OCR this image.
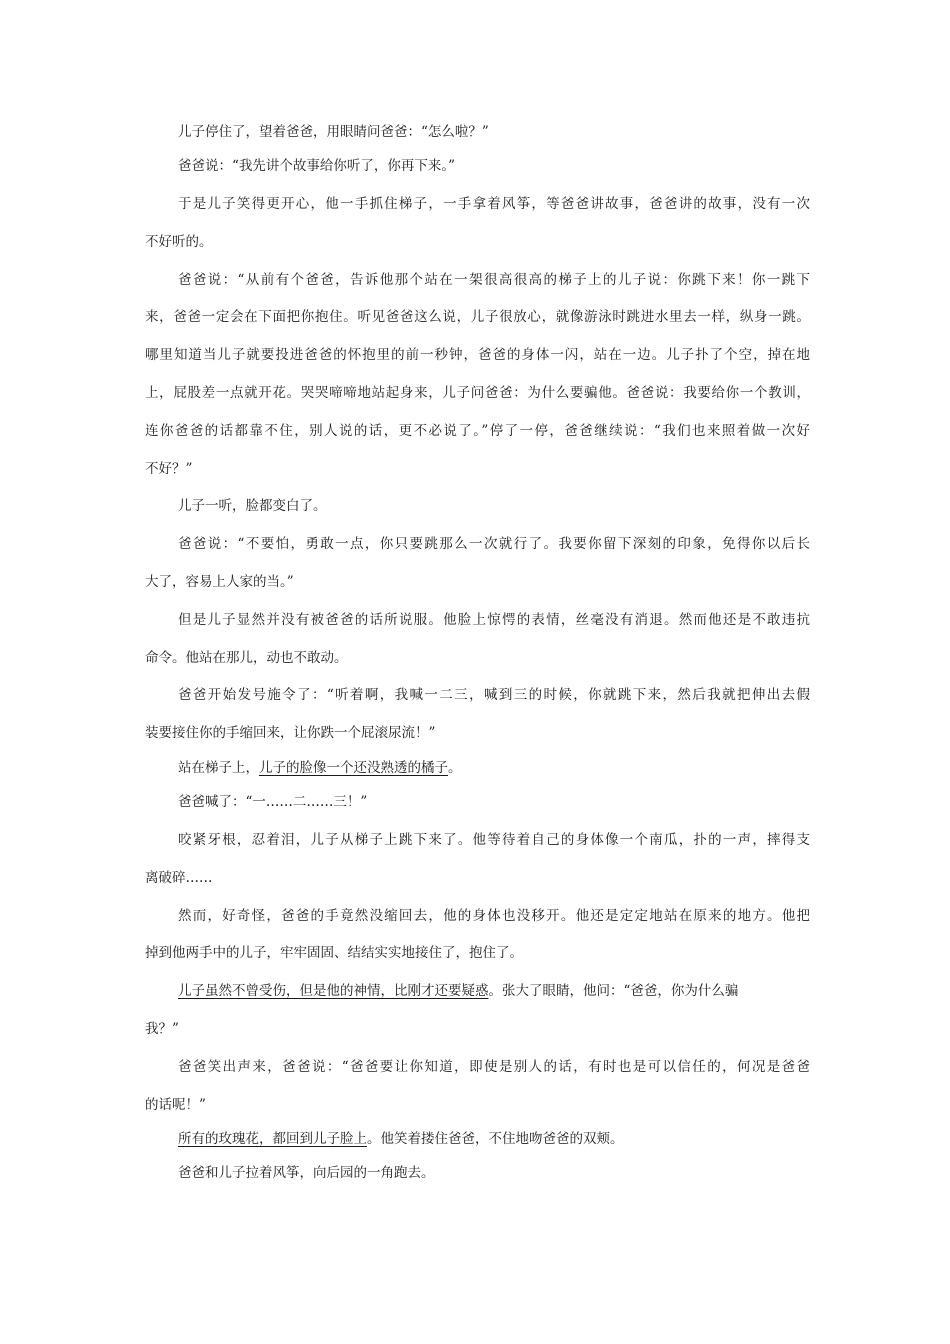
儿子停住了，望着爸爸，用眼睛问爸爸：“怎么啦？”
爸爸说：“我先讲个故事给你听了，你再下来。”
于是儿子笑得更开心，他一手抓住梯子，一手拿着风筝，等爸爸讲故事，爸爸讲的故事，没有一次
不好听的。
爸爸说：“从前有个爸爸，告诉他那个站在一架很高很高的梯子上的儿子说：你跳下来！你一跳下
来，爸爸一定会在下面把你抱住。听见爸爸这么说，儿子很放心，就像游泳时跳进水里去一样，纵身一跳。
哪里知道当儿子就要投进爸爸的怀抱里的前一秒钟，爸爸的身体一闪，站在一边。儿子扑了个空，掉在地
上，屁股差一点就开花。哭哭啼啼地站起身来，儿子问爸爸：为什么要骗他。爸爸说：我要给你一个教训，
连你爸爸的话都靠不住，别人说的话，更不必说了。”停了一停，爸爸继续说：“我们也来照着做一次好
不好？”
儿子一听，脸都变白了。
爸爸说：“不要怕，勇敢一点，你只要跳那么一次就行了。我要你留下深刻的印象，免得你以后长
大了，容易上人家的当。”
但是儿子显然并没有被爸爸的话所说服。他脸上惊愕的表情，丝毫没有消退。然而他还是不敢违抗
命令。他站在那儿，动也不敢动。
爸爸开始发号施令了：“听着啊，我喊一二三，喊到三的时候，你就跳下来，然后我就把伸出去假
装要接住你的手缩回来，让你跌一个屁滚尿流！”
站在梯子上，儿子的脸像一个还没熟透的橘子。
爸爸喊了：“一……二……三！”
咬紧牙根，忍着泪，儿子从梯子上跳下来了。他等待着自己的身体像一个南瓜，扑的一声，摔得支
离破碎……
然而，好奇怪，爸爸的手竟然没缩回去，他的身体也没移开。他还是定定地站在原来的地方。他把
掉到他两手中的儿子，牢牢固固、结结实实地接住了，抱住了。
儿子虽然不曾受伤，但是他的神情，比刚才还要疑惑。张大了眼睛，他问：“爸爸，你为什么骗
我？”
爸爸笑出声来，爸爸说：“爸爸要让你知道，即使是别人的话，有时也是可以信任的，何况是爸爸
的话呢！”
所有的玫瑰花，都回到儿子脸上。他笑着搂住爸爸，不住地吻爸爸的双颊。
爸爸和儿子拉着风筝，向后园的一角跑去。
